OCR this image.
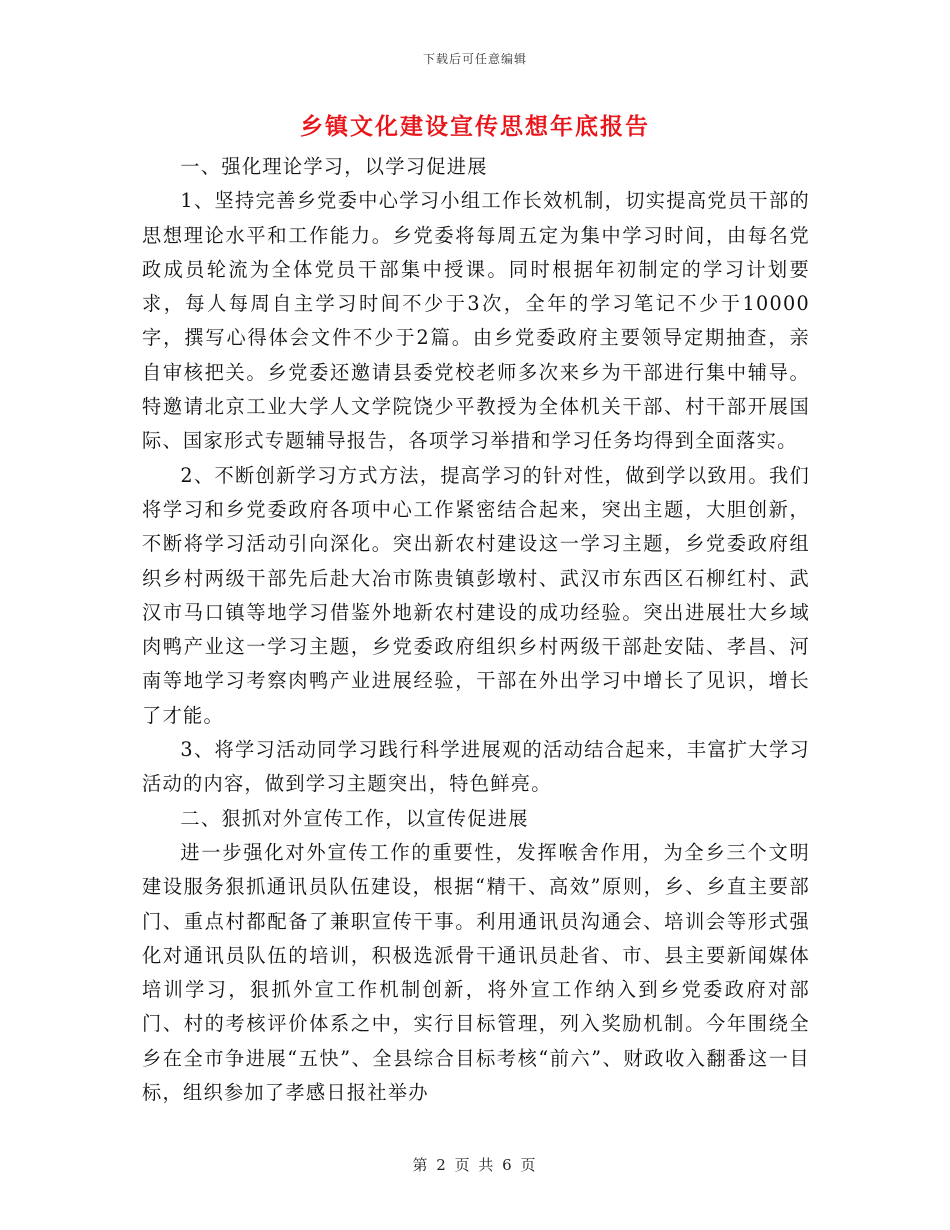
下载后可任意编辑
乡镇文化建设宣传思想年底报告

一、强化理论学习，以学习促进展

1、坚持完善乡党委中心学习小组工作长效机制，切实提高党员干部的思想理论水平和工作能力。乡党委将每周五定为集中学习时间，由每名党政成员轮流为全体党员干部集中授课。同时根据年初制定的学习计划要求，每人每周自主学习时间不少于3次，全年的学习笔记不少于10000字，撰写心得体会文件不少于2篇。由乡党委政府主要领导定期抽查，亲自审核把关。乡党委还邀请县委党校老师多次来乡为干部进行集中辅导。特邀请北京工业大学人文学院饶少平教授为全体机关干部、村干部开展国际、国家形式专题辅导报告，各项学习举措和学习任务均得到全面落实。

2、不断创新学习方式方法，提高学习的针对性，做到学以致用。我们将学习和乡党委政府各项中心工作紧密结合起来，突出主题，大胆创新，不断将学习活动引向深化。突出新农村建设这一学习主题，乡党委政府组织乡村两级干部先后赴大冶市陈贵镇彭墩村、武汉市东西区石柳红村、武汉市马口镇等地学习借鉴外地新农村建设的成功经验。突出进展壮大乡域肉鸭产业这一学习主题，乡党委政府组织乡村两级干部赴安陆、孝昌、河南等地学习考察肉鸭产业进展经验，干部在外出学习中增长了见识，增长了才能。

3、将学习活动同学习践行科学进展观的活动结合起来，丰富扩大学习活动的内容，做到学习主题突出，特色鲜亮。

二、狠抓对外宣传工作，以宣传促进展

进一步强化对外宣传工作的重要性，发挥喉舍作用，为全乡三个文明建设服务狠抓通讯员队伍建设，根据“精干、高效”原则，乡、乡直主要部门、重点村都配备了兼职宣传干事。利用通讯员沟通会、培训会等形式强化对通讯员队伍的培训，积极选派骨干通讯员赴省、市、县主要新闻媒体培训学习，狠抓外宣工作机制创新，将外宣工作纳入到乡党委政府对部门、村的考核评价体系之中，实行目标管理，列入奖励机制。今年围绕全乡在全市争进展“五快”、全县综合目标考核“前六”、财政收入翻番这一目标，组织参加了孝感日报社举办

第 2 页 共 6 页
